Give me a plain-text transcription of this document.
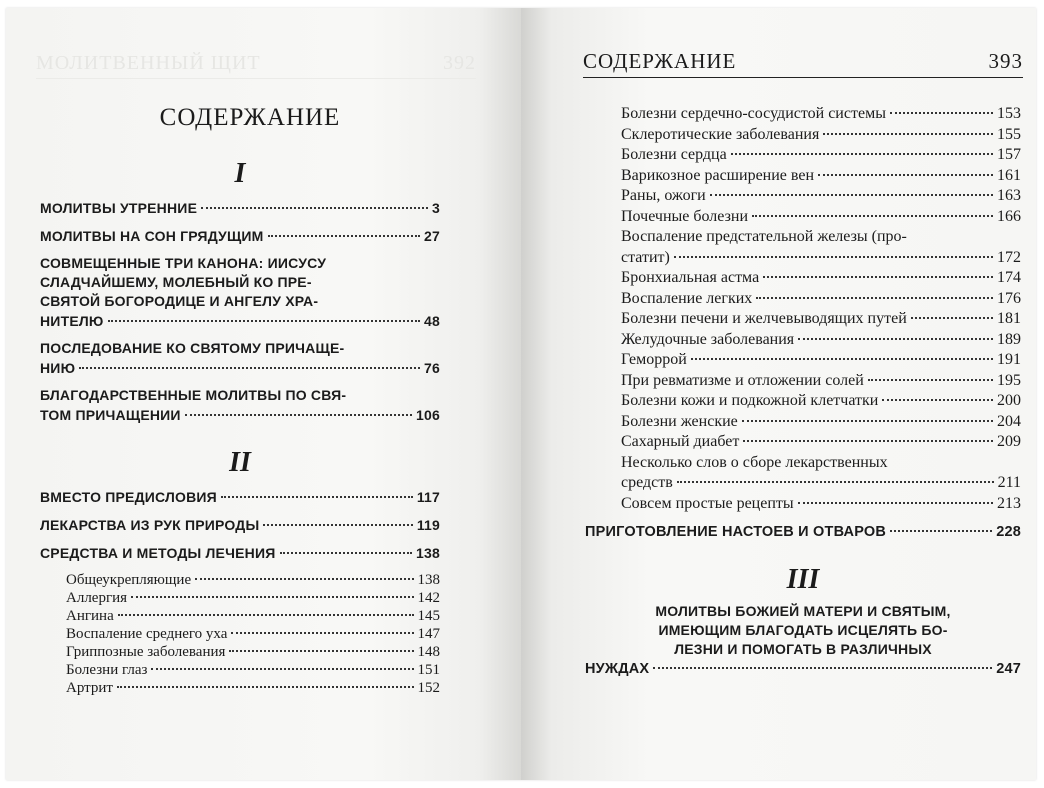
МОЛИТВЕННЫЙ ЩИТ	392
СОДЕРЖАНИЕ
I
МОЛИТВЫ УТРЕННИЕ	3
МОЛИТВЫ НА СОН ГРЯДУЩИМ	27
СОВМЕЩЕННЫЕ ТРИ КАНОНА: ИИСУСУ
СЛАДЧАЙШЕМУ, МОЛЕБНЫЙ КО ПРЕ-
СВЯТОЙ БОГОРОДИЦЕ И АНГЕЛУ ХРА-
НИТЕЛЮ	48
ПОСЛЕДОВАНИЕ КО СВЯТОМУ ПРИЧАЩЕ-
НИЮ	76
БЛАГОДАРСТВЕННЫЕ МОЛИТВЫ ПО СВЯ-
ТОМ ПРИЧАЩЕНИИ	106
II
ВМЕСТО ПРЕДИСЛОВИЯ	117
ЛЕКАРСТВА ИЗ РУК ПРИРОДЫ	119
СРЕДСТВА И МЕТОДЫ ЛЕЧЕНИЯ	138
Общеукрепляющие	138
Аллергия	142
Ангина	145
Воспаление среднего уха	147
Гриппозные заболевания	148
Болезни глаз	151
Артрит	152
СОДЕРЖАНИЕ	393
Болезни сердечно-сосудистой системы	153
Склеротические заболевания	155
Болезни сердца	157
Варикозное расширение вен	161
Раны, ожоги	163
Почечные болезни	166
Воспаление предстательной железы (про-
статит)	172
Бронхиальная астма	174
Воспаление легких	176
Болезни печени и желчевыводящих путей	181
Желудочные заболевания	189
Геморрой	191
При ревматизме и отложении солей	195
Болезни кожи и подкожной клетчатки	200
Болезни женские	204
Сахарный диабет	209
Несколько слов о сборе лекарственных
средств	211
Совсем простые рецепты	213
ПРИГОТОВЛЕНИЕ НАСТОЕВ И ОТВАРОВ	228
III
МОЛИТВЫ БОЖИЕЙ МАТЕРИ И СВЯТЫМ,
ИМЕЮЩИМ БЛАГОДАТЬ ИСЦЕЛЯТЬ БО-
ЛЕЗНИ И ПОМОГАТЬ В РАЗЛИЧНЫХ
НУЖДАХ	247
